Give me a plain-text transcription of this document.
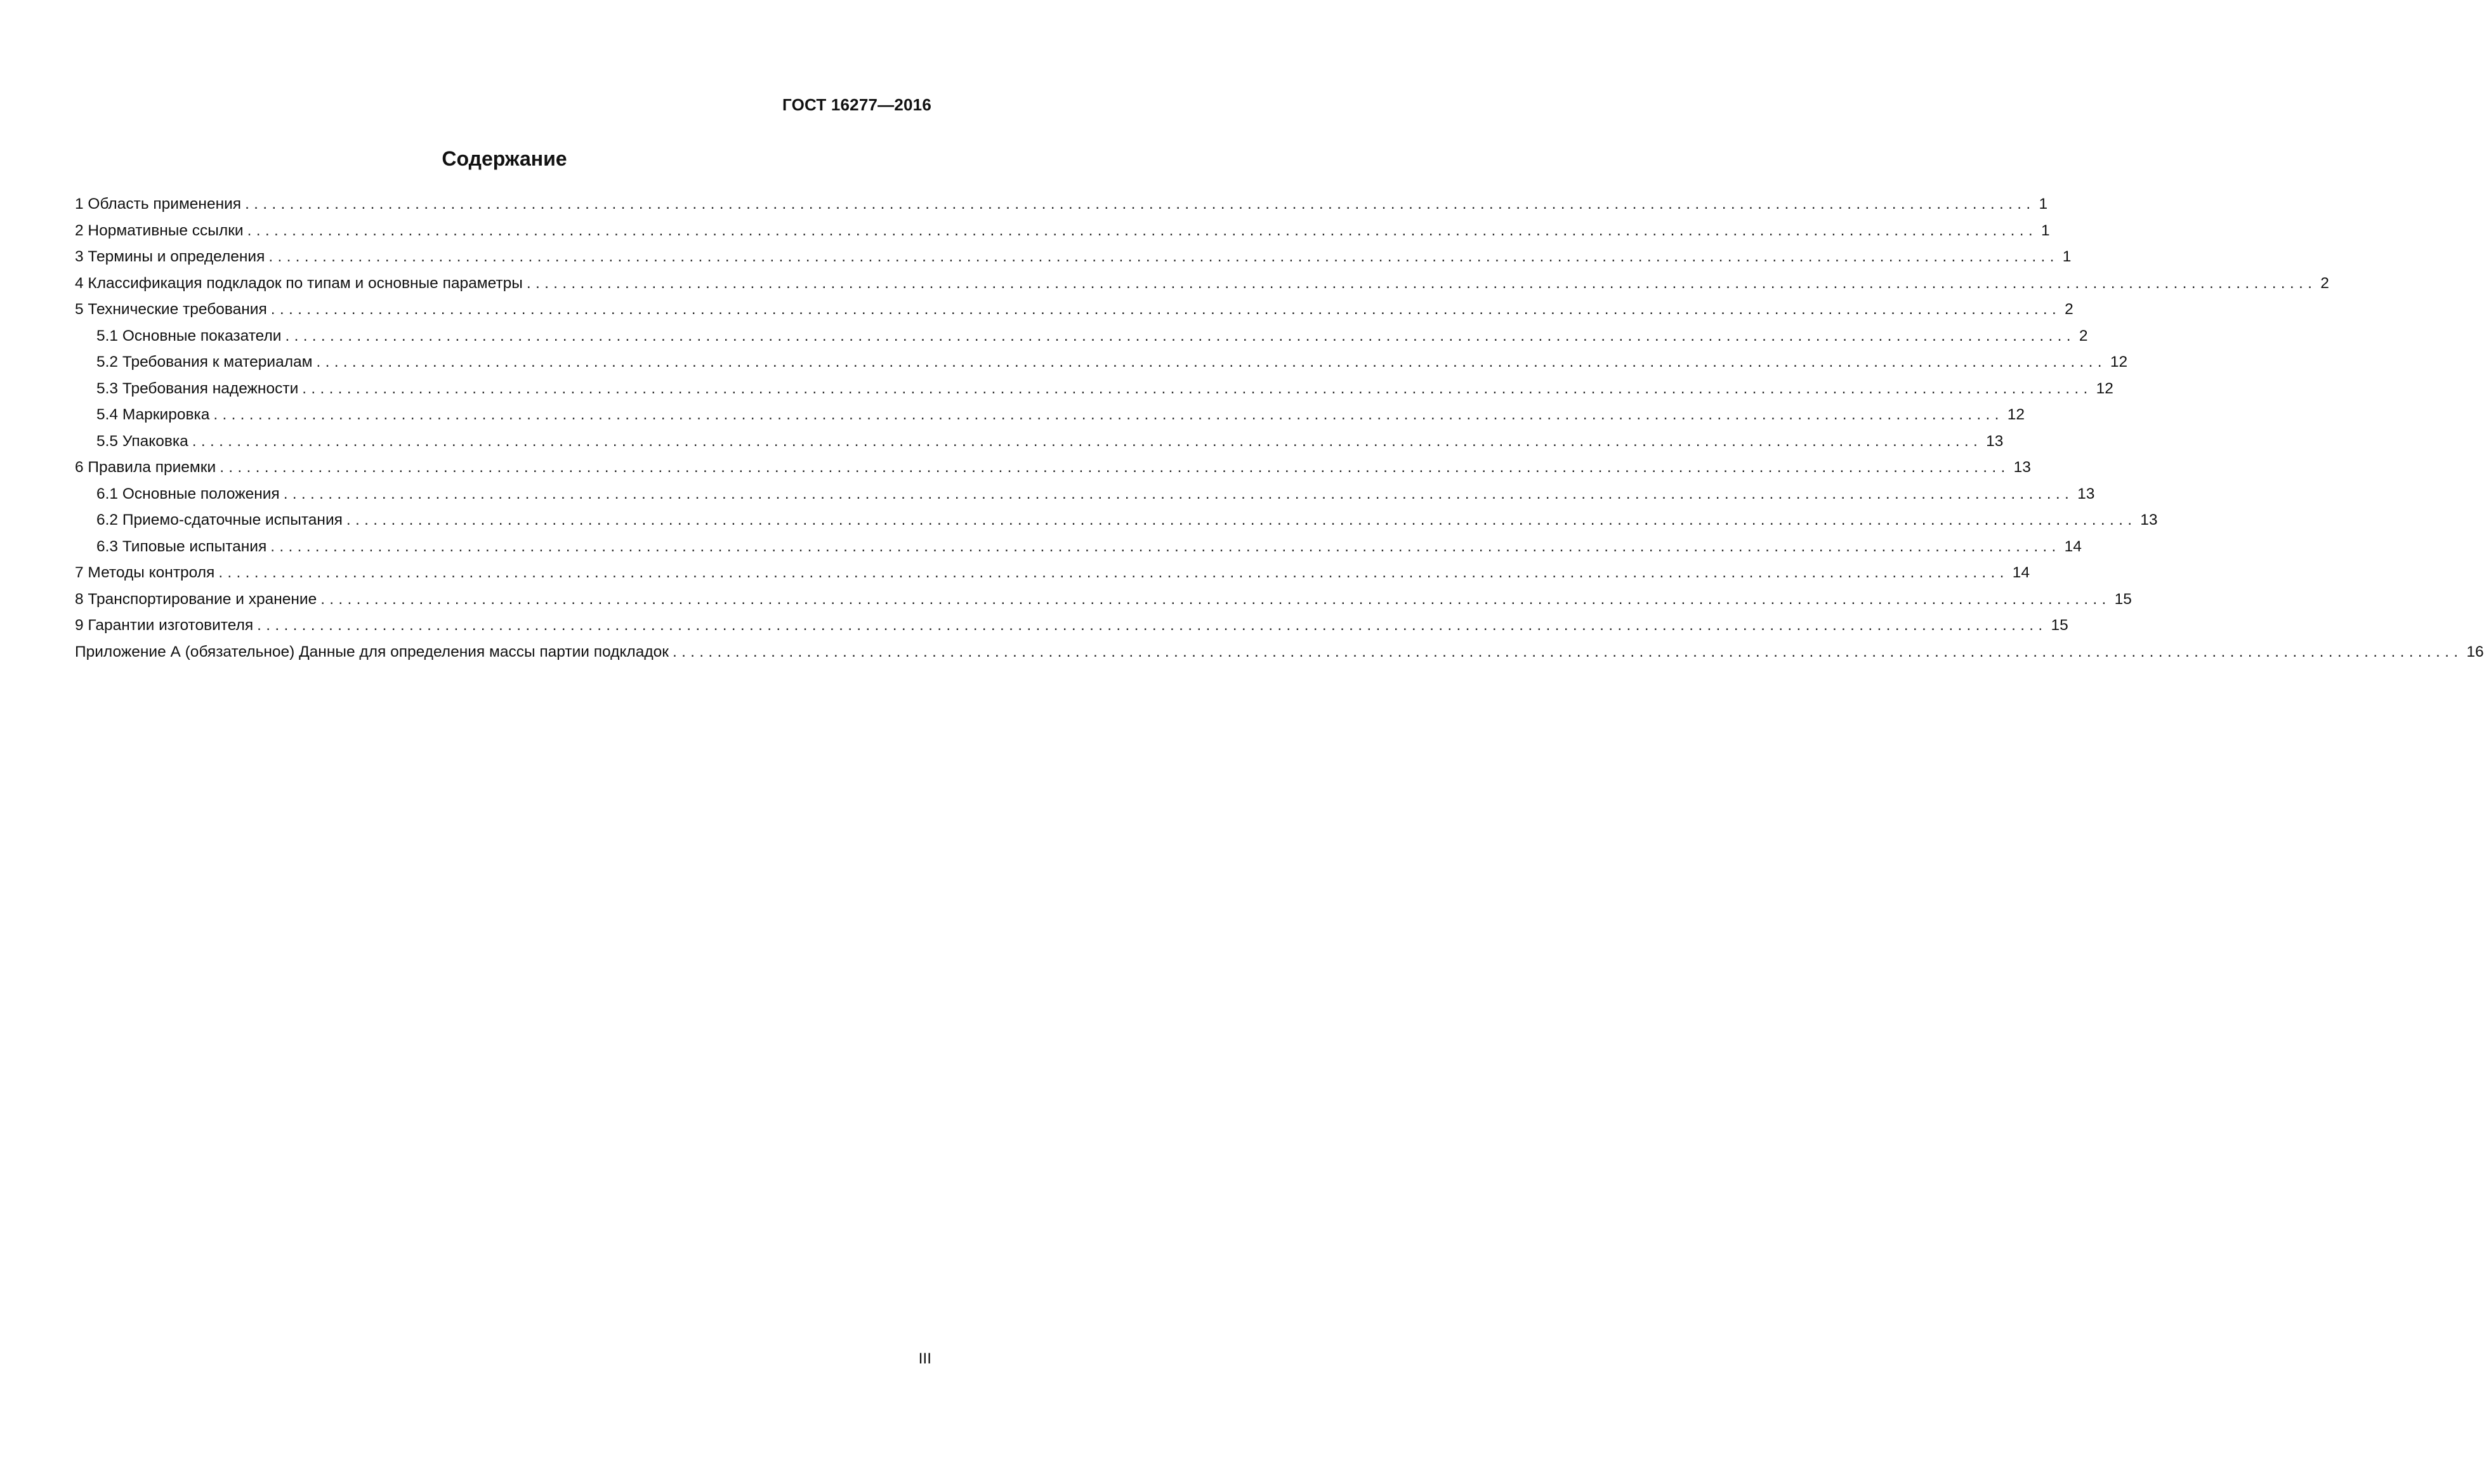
ГОСТ 16277—2016
Содержание
1 Область применения ........................................................................................................................................................................................................ 1
2 Нормативные ссылки ........................................................................................................................................................................................................ 1
3 Термины и определения ........................................................................................................................................................................................................ 1
4 Классификация подкладок по типам и основные параметры ........................................................................................................................................................................................................ 2
5 Технические требования ........................................................................................................................................................................................................ 2
5.1 Основные показатели ........................................................................................................................................................................................................ 2
5.2 Требования к материалам ........................................................................................................................................................................................................ 12
5.3 Требования надежности ........................................................................................................................................................................................................ 12
5.4 Маркировка ........................................................................................................................................................................................................ 12
5.5 Упаковка ........................................................................................................................................................................................................ 13
6 Правила приемки ........................................................................................................................................................................................................ 13
6.1 Основные положения ........................................................................................................................................................................................................ 13
6.2 Приемо-сдаточные испытания ........................................................................................................................................................................................................ 13
6.3 Типовые испытания ........................................................................................................................................................................................................ 14
7 Методы контроля ........................................................................................................................................................................................................ 14
8 Транспортирование и хранение ........................................................................................................................................................................................................ 15
9 Гарантии изготовителя ........................................................................................................................................................................................................ 15
Приложение А (обязательное) Данные для определения массы партии подкладок ........................................................................................................................................................................................................ 16
III
